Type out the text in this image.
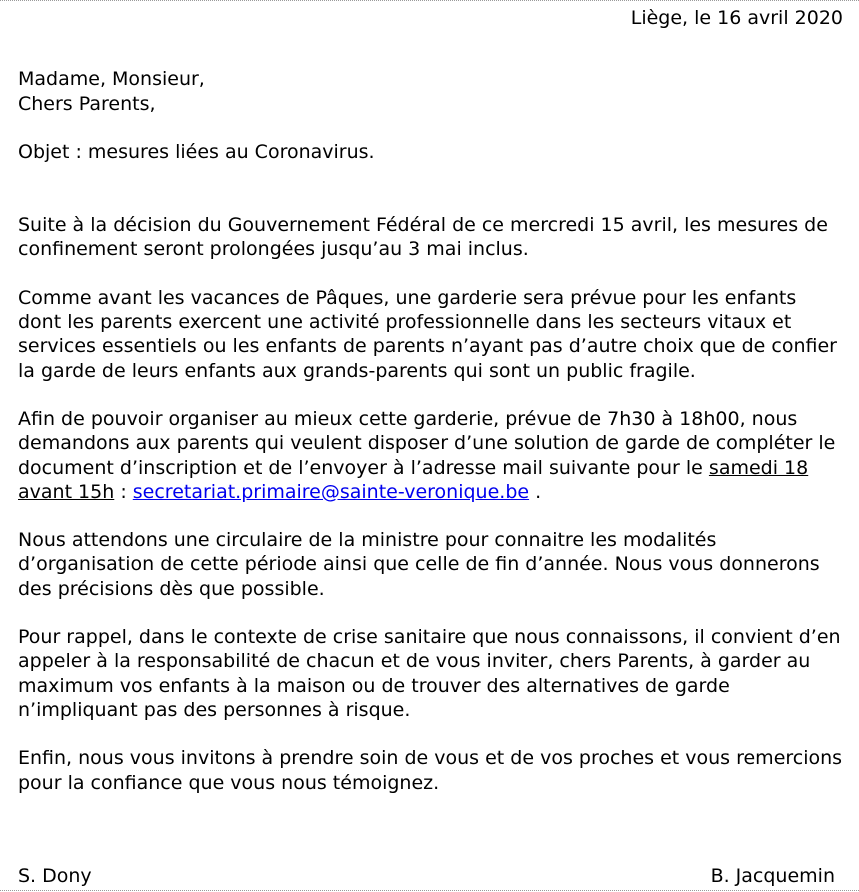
Liège, le 16 avril 2020

Madame, Monsieur,
Chers Parents,

Objet : mesures liées au Coronavirus.

Suite à la décision du Gouvernement Fédéral de ce mercredi 15 avril, les mesures de confinement seront prolongées jusqu’au 3 mai inclus.

Comme avant les vacances de Pâques, une garderie sera prévue pour les enfants dont les parents exercent une activité professionnelle dans les secteurs vitaux et services essentiels ou les enfants de parents n’ayant pas d’autre choix que de confier la garde de leurs enfants aux grands-parents qui sont un public fragile.

Afin de pouvoir organiser au mieux cette garderie, prévue de 7h30 à 18h00, nous demandons aux parents qui veulent disposer d’une solution de garde de compléter le document d’inscription et de l’envoyer à l’adresse mail suivante pour le samedi 18 avant 15h : secretariat.primaire@sainte-veronique.be .

Nous attendons une circulaire de la ministre pour connaitre les modalités d’organisation de cette période ainsi que celle de fin d’année. Nous vous donnerons des précisions dès que possible.

Pour rappel, dans le contexte de crise sanitaire que nous connaissons, il convient d’en appeler à la responsabilité de chacun et de vous inviter, chers Parents, à garder au maximum vos enfants à la maison ou de trouver des alternatives de garde n’impliquant pas des personnes à risque.

Enfin, nous vous invitons à prendre soin de vous et de vos proches et vous remercions pour la confiance que vous nous témoignez.

S. Dony	B. Jacquemin
